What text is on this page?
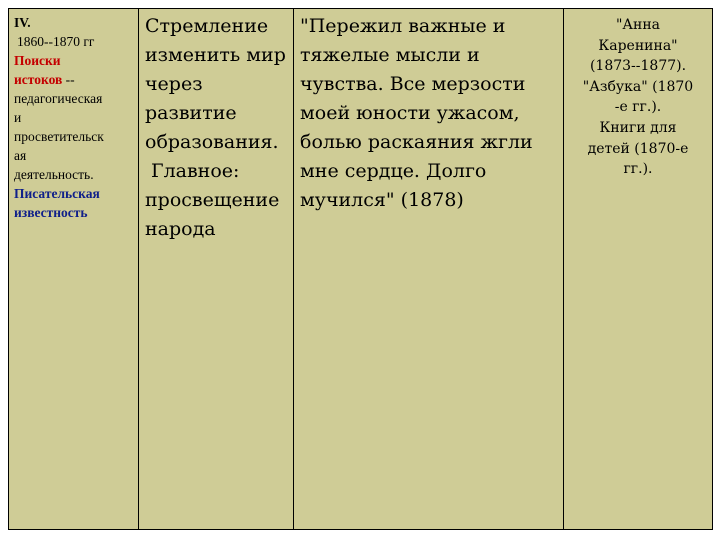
IV.
1860--1870 гг
Поиски
истоков --
педагогическая
и
просветительск
ая
деятельность.
Писательская
известность

Стремление
изменить мир
через
развитие
образования.
Главное:
просвещение
народа

"Пережил важные и
тяжелые мысли и
чувства. Все мерзости
моей юности ужасом,
болью раскаяния жгли
мне сердце. Долго
мучился" (1878)

"Анна
Каренина"
(1873--1877).
"Азбука" (1870
-е гг.).
Книги для
детей (1870-е
гг.).
